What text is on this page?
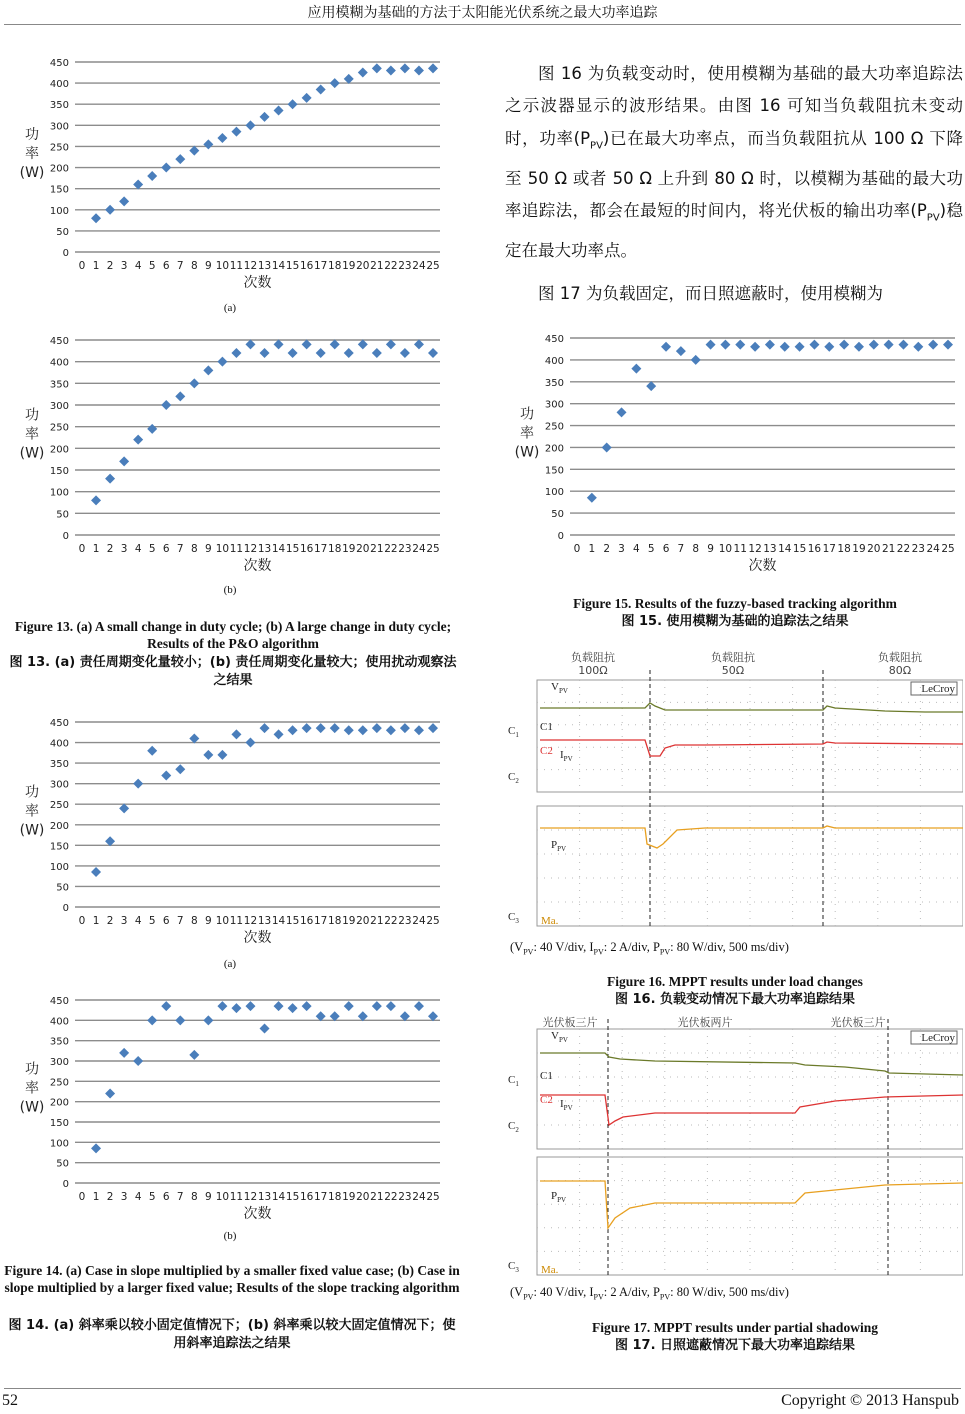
应用模糊为基础的方法于太阳能光伏系统之最大功率追踪
0
50
100
150
200
250
300
350
400
450
0 1 2 3 4 5 6 7 8 9 10 11 12 13 14 15 16 17 18 19 20 21 22 23 24 25
次数
功
率
(W)
(a)
0
50
100
150
200
250
300
350
400
450
0 1 2 3 4 5 6 7 8 9 10 11 12 13 14 15 16 17 18 19 20 21 22 23 24 25
次数
功
率
(W)
(b)
Figure 13. (a) A small change in duty cycle; (b) A large change in duty cycle; Results of the P&O algorithm
图 13. (a) 责任周期变化量较小；(b) 责任周期变化量较大；使用扰动观察法之结果
0
50
100
150
200
250
300
350
400
450
0 1 2 3 4 5 6 7 8 9 10 11 12 13 14 15 16 17 18 19 20 21 22 23 24 25
次数
功
率
(W)
(a)
0
50
100
150
200
250
300
350
400
450
0 1 2 3 4 5 6 7 8 9 10 11 12 13 14 15 16 17 18 19 20 21 22 23 24 25
次数
功
率
(W)
(b)
Figure 14. (a) Case in slope multiplied by a smaller fixed value case; (b) Case in slope multiplied by a larger fixed value; Results of the slope tracking algorithm
图 14. (a) 斜率乘以较小固定值情况下；(b) 斜率乘以较大固定值情况下；使用斜率追踪法之结果
图 16 为负载变动时，使用模糊为基础的最大功率追踪法之示波器显示的波形结果。由图 16 可知当负载阻抗未变动时，功率$(P_{PV})$已在最大功率点，而当负载阻抗从 100 Ω 下降至 50 Ω 或者 50 Ω 上升到 80 Ω 时，以模糊为基础的最大功率追踪法，都会在最短的时间内，将光伏板的输出功率$(P_{PV})$稳定在最大功率点。
图 17 为负载固定，而日照遮蔽时，使用模糊为
0
50
100
150
200
250
300
350
400
450
0 1 2 3 4 5 6 7 8 9 10 11 12 13 14 15 16 17 18 19 20 21 22 23 24 25
次数
功
率
(W)
Figure 15. Results of the fuzzy-based tracking algorithm
图 15. 使用模糊为基础的追踪法之结果
负载阻抗
100Ω
负载阻抗
50Ω
负载阻抗
80Ω
LeCroy
$V_{PV}$
$C_1$
C1
C2 $I_{PV}$
$C_2$
$P_{PV}$
$C_3$ Ma.
($V_{PV}$: 40 V/div, $I_{PV}$: 2 A/div, $P_{PV}$: 80 W/div, 500 ms/div)
Figure 16. MPPT results under load changes
图 16. 负载变动情况下最大功率追踪结果
光伏板三片	光伏板两片	光伏板三片
LeCroy
$V_{PV}$
$C_1$
C1
C2 $I_{PV}$
$C_2$
$P_{PV}$
$C_3$ Ma.
($V_{PV}$: 40 V/div, $I_{PV}$: 2 A/div, $P_{PV}$: 80 W/div, 500 ms/div)
Figure 17. MPPT results under partial shadowing
图 17. 日照遮蔽情况下最大功率追踪结果
52	Copyright © 2013 Hanspub
